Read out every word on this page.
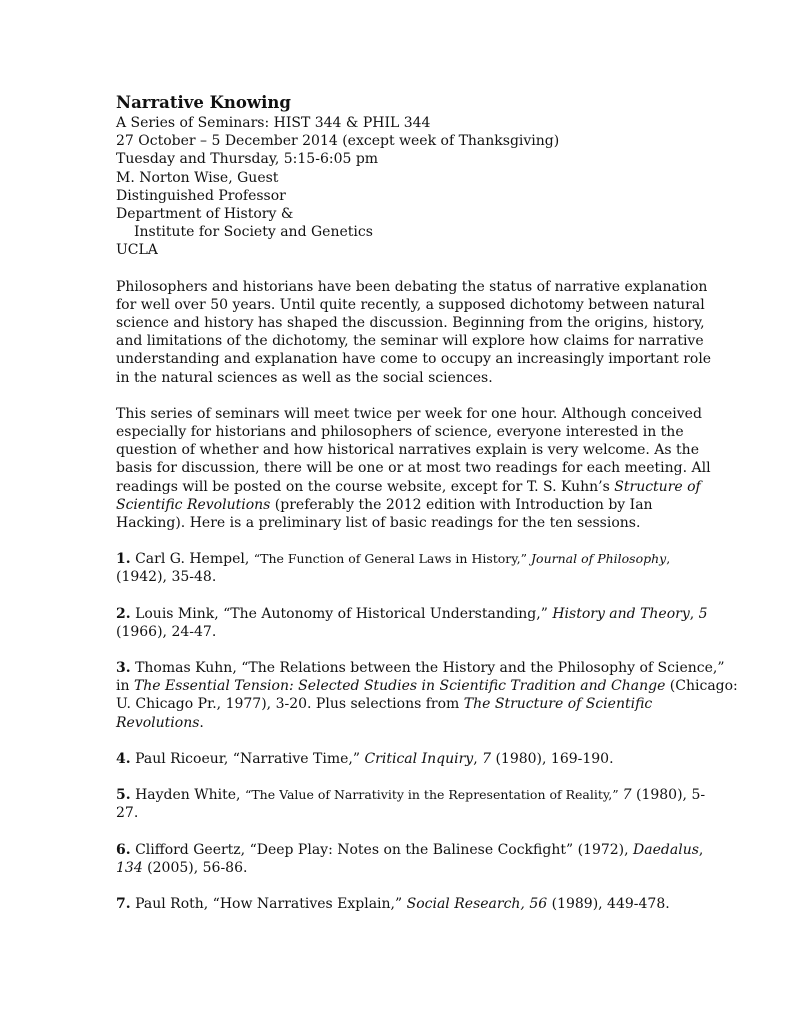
Narrative Knowing
A Series of Seminars: HIST 344 & PHIL 344
27 October – 5 December 2014 (except week of Thanksgiving)
Tuesday and Thursday, 5:15-6:05 pm
M. Norton Wise, Guest
Distinguished Professor
Department of History &
Institute for Society and Genetics
UCLA
Philosophers and historians have been debating the status of narrative explanation
for well over 50 years. Until quite recently, a supposed dichotomy between natural
science and history has shaped the discussion. Beginning from the origins, history,
and limitations of the dichotomy, the seminar will explore how claims for narrative
understanding and explanation have come to occupy an increasingly important role
in the natural sciences as well as the social sciences.
This series of seminars will meet twice per week for one hour. Although conceived
especially for historians and philosophers of science, everyone interested in the
question of whether and how historical narratives explain is very welcome. As the
basis for discussion, there will be one or at most two readings for each meeting. All
readings will be posted on the course website, except for T. S. Kuhn’s Structure of
Scientific Revolutions (preferably the 2012 edition with Introduction by Ian
Hacking). Here is a preliminary list of basic readings for the ten sessions.
1. Carl G. Hempel, “The Function of General Laws in History,” Journal of Philosophy,
(1942), 35-48.
2. Louis Mink, “The Autonomy of Historical Understanding,” History and Theory, 5
(1966), 24-47.
3. Thomas Kuhn, “The Relations between the History and the Philosophy of Science,”
in The Essential Tension: Selected Studies in Scientific Tradition and Change (Chicago:
U. Chicago Pr., 1977), 3-20. Plus selections from The Structure of Scientific
Revolutions.
4. Paul Ricoeur, “Narrative Time,” Critical Inquiry, 7 (1980), 169-190.
5. Hayden White, “The Value of Narrativity in the Representation of Reality,” 7 (1980), 5-
27.
6. Clifford Geertz, “Deep Play: Notes on the Balinese Cockfight” (1972), Daedalus,
134 (2005), 56-86.
7. Paul Roth, “How Narratives Explain,” Social Research, 56 (1989), 449-478.
